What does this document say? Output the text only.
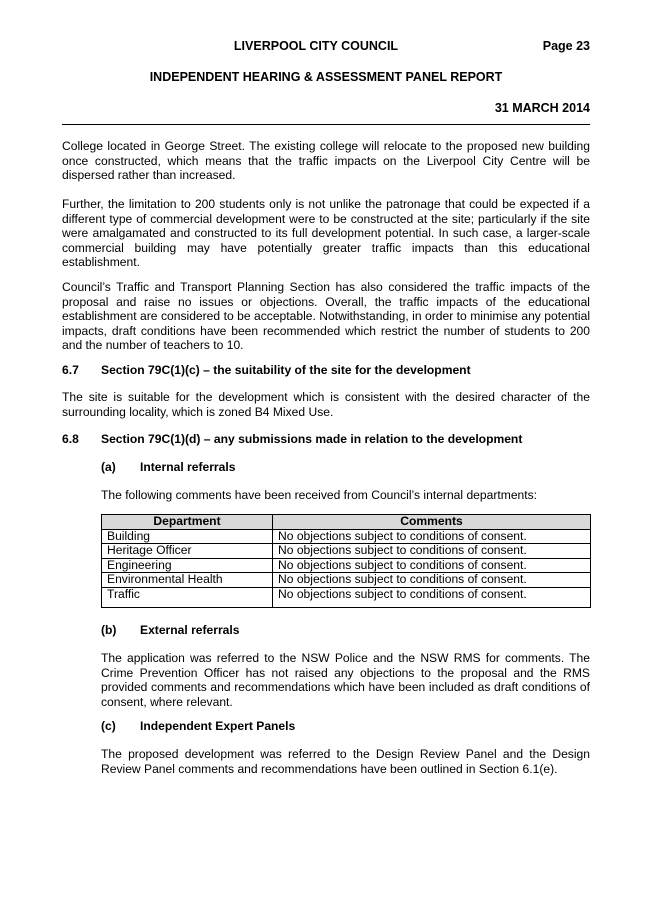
LIVERPOOL CITY COUNCIL	Page 23
INDEPENDENT HEARING & ASSESSMENT PANEL REPORT
31 MARCH 2014

College located in George Street. The existing college will relocate to the proposed new building once constructed, which means that the traffic impacts on the Liverpool City Centre will be dispersed rather than increased.

Further, the limitation to 200 students only is not unlike the patronage that could be expected if a different type of commercial development were to be constructed at the site; particularly if the site were amalgamated and constructed to its full development potential. In such case, a larger-scale commercial building may have potentially greater traffic impacts than this educational establishment.

Council’s Traffic and Transport Planning Section has also considered the traffic impacts of the proposal and raise no issues or objections. Overall, the traffic impacts of the educational establishment are considered to be acceptable. Notwithstanding, in order to minimise any potential impacts, draft conditions have been recommended which restrict the number of students to 200 and the number of teachers to 10.

6.7 Section 79C(1)(c) – the suitability of the site for the development

The site is suitable for the development which is consistent with the desired character of the surrounding locality, which is zoned B4 Mixed Use.

6.8 Section 79C(1)(d) – any submissions made in relation to the development
(a) Internal referrals

The following comments have been received from Council’s internal departments:

Department	Comments
Building	No objections subject to conditions of consent.
Heritage Officer	No objections subject to conditions of consent.
Engineering	No objections subject to conditions of consent.
Environmental Health	No objections subject to conditions of consent.
Traffic	No objections subject to conditions of consent.
(b) External referrals

The application was referred to the NSW Police and the NSW RMS for comments. The Crime Prevention Officer has not raised any objections to the proposal and the RMS provided comments and recommendations which have been included as draft conditions of consent, where relevant.

(c) Independent Expert Panels

The proposed development was referred to the Design Review Panel and the Design Review Panel comments and recommendations have been outlined in Section 6.1(e).
